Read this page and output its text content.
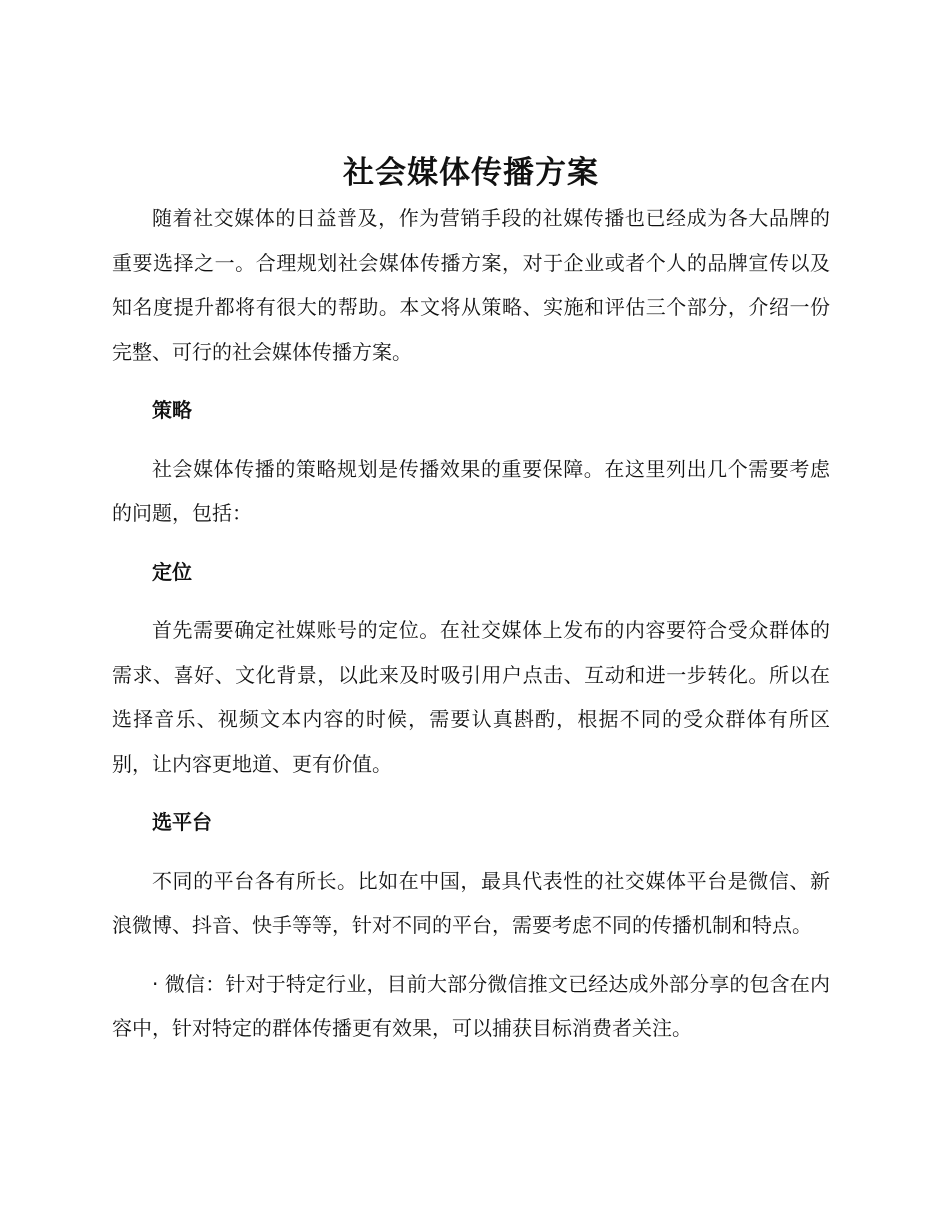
社会媒体传播方案

随着社交媒体的日益普及，作为营销手段的社媒传播也已经成为各大品牌的重要选择之一。合理规划社会媒体传播方案，对于企业或者个人的品牌宣传以及知名度提升都将有很大的帮助。本文将从策略、实施和评估三个部分，介绍一份完整、可行的社会媒体传播方案。

策略

社会媒体传播的策略规划是传播效果的重要保障。在这里列出几个需要考虑的问题，包括：

定位

首先需要确定社媒账号的定位。在社交媒体上发布的内容要符合受众群体的需求、喜好、文化背景，以此来及时吸引用户点击、互动和进一步转化。所以在选择音乐、视频文本内容的时候，需要认真斟酌，根据不同的受众群体有所区别，让内容更地道、更有价值。

选平台

不同的平台各有所长。比如在中国，最具代表性的社交媒体平台是微信、新浪微博、抖音、快手等等，针对不同的平台，需要考虑不同的传播机制和特点。

· 微信：针对于特定行业，目前大部分微信推文已经达成外部分享的包含在内容中，针对特定的群体传播更有效果，可以捕获目标消费者关注。
